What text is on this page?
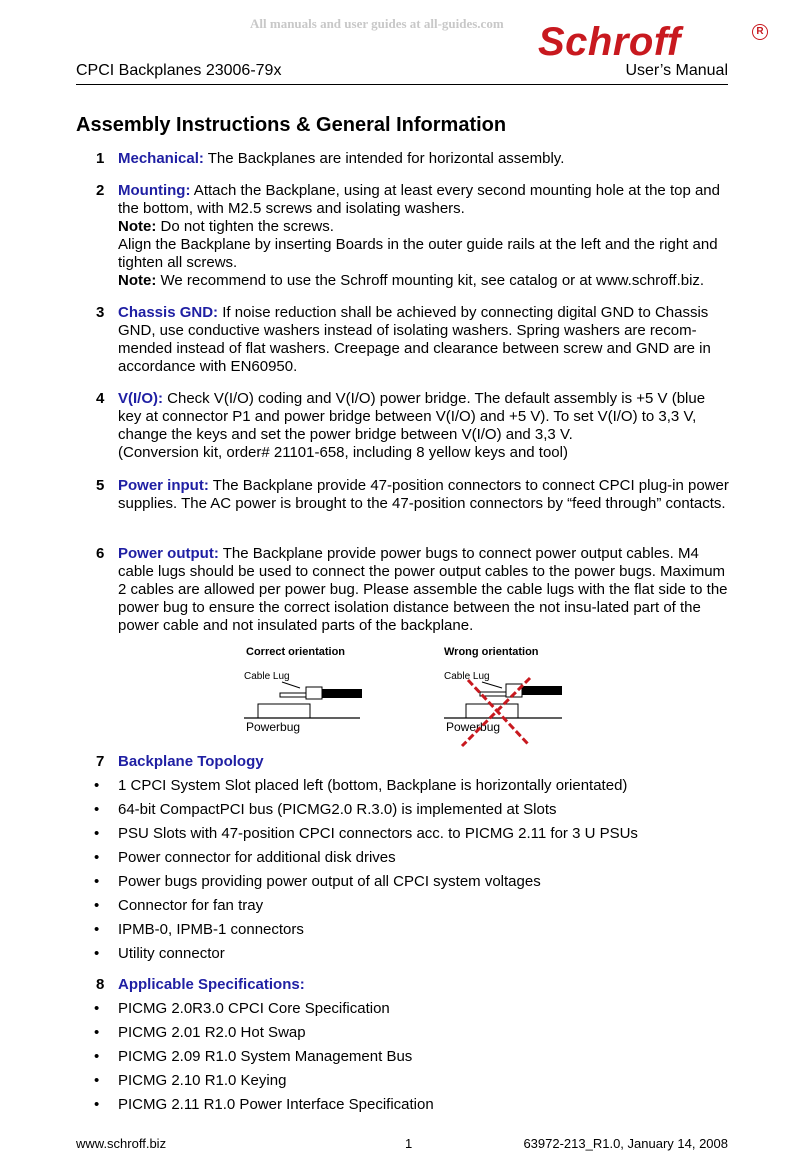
All manuals and user guides at all-guides.com Schroff	R
CPCI Backplanes 23006-79x	User’s Manual
Assembly Instructions & General Information
1 Mechanical: The Backplanes are intended for horizontal assembly.
2 Mounting: Attach the Backplane, using at least every second mounting hole at the top and the bottom, with M2.5 screws and isolating washers.
Note: Do not tighten the screws.
Align the Backplane by inserting Boards in the outer guide rails at the left and the right and tighten all screws.
Note: We recommend to use the Schroff mounting kit, see catalog or at www.schroff.biz.
3 Chassis GND: If noise reduction shall be achieved by connecting digital GND to Chassis GND, use conductive washers instead of isolating washers. Spring washers are recom-mended instead of flat washers. Creepage and clearance between screw and GND are in accordance with EN60950.
4 V(I/O): Check V(I/O) coding and V(I/O) power bridge. The default assembly is +5 V (blue key at connector P1 and power bridge between V(I/O) and +5 V). To set V(I/O) to 3,3 V, change the keys and set the power bridge between V(I/O) and 3,3 V.
(Conversion kit, order# 21101-658, including 8 yellow keys and tool)
5 Power input: The Backplane provide 47-position connectors to connect CPCI plug-in power supplies. The AC power is brought to the 47-position connectors by “feed through” contacts.
6 Power output: The Backplane provide power bugs to connect power output cables. M4 cable lugs should be used to connect the power output cables to the power bugs. Maximum 2 cables are allowed per power bug. Please assemble the cable lugs with the flat side to the power bug to ensure the correct isolation distance between the not insu-lated part of the power cable and not insulated parts of the backplane.
Correct orientation	Wrong orientation
Cable Lug
Powerbug
Cable Lug
Powerbug
7 Backplane Topology
• 1 CPCI System Slot placed left (bottom, Backplane is horizontally orientated)
• 64-bit CompactPCI bus (PICMG2.0 R.3.0) is implemented at Slots
• PSU Slots with 47-position CPCI connectors acc. to PICMG 2.11 for 3 U PSUs
• Power connector for additional disk drives
• Power bugs providing power output of all CPCI system voltages
• Connector for fan tray
• IPMB-0, IPMB-1 connectors
• Utility connector
8 Applicable Specifications:
• PICMG 2.0R3.0 CPCI Core Specification
• PICMG 2.01 R2.0 Hot Swap
• PICMG 2.09 R1.0 System Management Bus
• PICMG 2.10 R1.0 Keying
• PICMG 2.11 R1.0 Power Interface Specification
www.schroff.biz	1	63972-213_R1.0, January 14, 2008
